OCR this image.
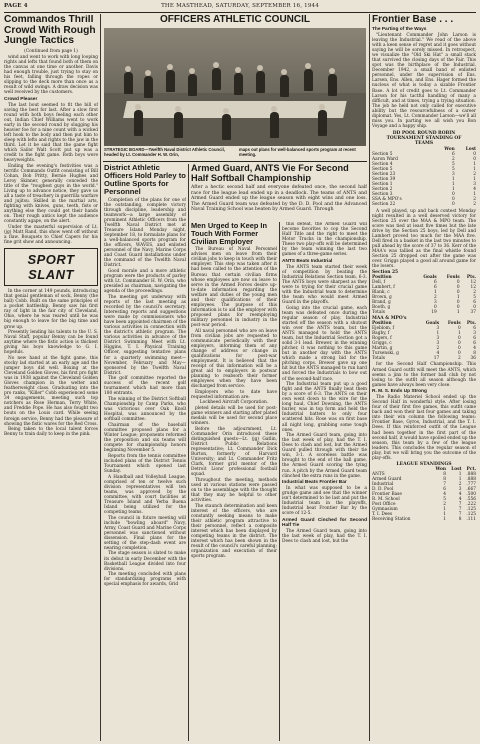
PAGE 4	THE MASTHEAD, SATURDAY, SEPTEMBER 16, 1944
Commandos Thrill Crowd With Rough Jungle Tactics

(Continued from page 1)

wind and went to work with long looping rights and lefts that found both of them on the canvas at one time or another. Davis had enough trouble, just trying to stay on his feet, falling through the ropes or slipping to the deck more than once as a result of wild swings. A draw decision was well received by the customers.

Crowd Pleaser

The last bout seemed to fit the bill of saving the best for last. After a slow first round with both boys feeling each other out, Indian Chief Williams went to work early in the second round by slugging his heavier foe for a nine count with a wicked left hook to the body and then put him to sleep with lefts and rights to the jaw in the third. Let it be said that the game fight which Sailor Walt Scott put up was a credit to the fight game. Both boys were heavyweights.

Ending the evening's festivities was a terrific Commando Outfit consisting of Bill Cohan, Bob Pritty, Bernie Hughes and Leroy Skinner, generally conceded the title of the "roughest guys in the world." Living up to advance notice, they gave us all a taste of treachery in guerrilla warfare and jujitsu. Skilled in the martial arts, fighting with knives, guns, teeth, fists or anything else they could get their hands on. Their rough antics kept the audience constantly agape, on the alert.

Under the masterful supervision of Lt. (jg) Matt Rand, this show went off without a flaw. Bouquets to Chief Capers for his fine grit show and announcing.

SPORT SLANT

In the corner at 149 pounds, introducing that genial gentleman of sock, Benny (the ball) Cobb. Built on the same principles of a pocket battleship, Benny saw his first ray of light in the fair city of Cleveland, Ohio, where he was reared until he was big enough to leave for the big time and grow up.

Presently lending his talents to the U. S. Naval Staff, popular Benny can be found anytime where the fistic action is thickest giving his boys knowledge to G. I. hopefuls.

No new hand at the fight game, this stocky lad started at an early age and the jumper boys did well. Boxing at the Cleveland Golden Gloves, his first pro fight was in 1938 against the Cleveland Golden Gloves champion in the welter and featherweight class. Graduating into the pro ranks, "Killer" Cobb experienced some 34 engagements, meeting such top notchers as Rose Herman, Terry White, and Freddie Pope. He has also fought two bouts on the Louis card. While seeing foreign service, Benny had the pleasure of showing the fistic wares for the Red Cross.

Being taken to the local talent forces Benny to train daily to keep in the pink.

OFFICERS ATHLETIC COUNCIL
STRATEGIC BOARD—Twelfth Naval District Athletic Council, headed by Lt. Commander H. W. Orin,
maps out plans for well-balanced sports program at recent meeting.
District Athletic Officers Hold Parley to Outline Sports for Personnel

Completion of the plans for one of the outstanding, complete victory through discipline, leadership and teamwork—a large assembly of prominent Athletic Officers from the Twelfth Naval District met at Treasure Island Monday night, September 18, to formulate plans for a well-balanced sports program for the officers, WAVES, and enlisted personnel of the Navy, Marine Corps and Coast Guard installations under the command of the Twelfth Naval District.

Good morale and a more athletic program were the products of parley with Lt. Commander H. W. Orin, who presided as chairman, navigating the agenda of the proceedings.

The meeting got underway with reports of the last meeting as recorded by the council's secretary. Interesting reports and suggestions were made by commissioners who have been appointed chairmen of the various activities in connection with the district's athletic program. The various activities in advance of the District Swimming Meet with Lt. Higgins, T. I. Physical Training Officer, suggesting tentative plans for a quarterly swimming meet—November, February and May—sponsored by the Twelfth Naval District.

The golf committee reported the success of the recent golf tournament which had more than 180 entrants.

The winning of the District Softball Championship by Camp Parks, who was victorious over Oak Knoll Hospital, was announced by the softball committee.

Chairman of the baseball committee proposed plans for a Winter League; proponents reformed the proposition and six teams will compete for championship honors beginning November 5.

Reports from the tennis committee included plans of the District Tennis Tournament which opened last Sunday.

A Handball and Volleyball League, comprised of ten or twelve such division representatives will ten teams, was approved by the committee, with court facilities at Treasure Island and Yerba Buena Island being utilized for the competing teams.

The council in future meeting will include "bowling aboard" Navy, Army, Coast Guard and Marine Corps personnel was sanctioned without dissension. Final plans for the setting of the step-dash event are nearing completion.

The stage season is slated to make its debut in early December with the Basketball League divided into four divisions.

The meeting concluded with plans for standardizing programs with special emphasis for awards, Grid

Armed Guard, ANTS Vie For Second Half Softball Championship
After a hectic second half and everyone defeated once, the second half race for the league lead ended up in a deadlock. The teams of ANTS and Armed Guard ended up the league season with eight wins and one loss. The Armed Guard team was defeated by the D. D. Pool and the Advanced Naval Training School was beaten by Armed Guard. Through
Men Urged to Keep In Touch With Former Civilian Employer

The Bureau of Naval Personnel advises men on leave from their civilian jobs to keep in touch with their employer. This step was taken after it had been called to the attention of the Bureau that certain civilian firms whose employees are now on leave to serve in the Armed Forces desire up-to-date information regarding the welfare and duties of the young men and their qualifications of their employees. The purpose of this information is to aid the employer with proposed plans for reemploying military personnel in industry in the post-war period.

All naval personnel who are on leave from civilian jobs are requested to communicate periodically with their employers, informing them of any change of address or change in qualifications for post-war employment. It is believed that the receipt of this information will be a great aid to employers in postwar planning to reabsorb their former employees when they have been discharged from service.

Employers who to date have requested information are:

Lockheed Aircraft Corporation.

pleted details will be used for post-game winners and starting after plated medals will be used for second place winners.

Before the adjournment, Lt. Commander Orin introduced these distinguished guests—Lt. (jg) Gatlin, District Public Relations representative; Lt. Commander Dick Burton, formerly of Harvard University; and Lt. Commander Fritz Clark, former grid mentor of the Detroit Lions' professional football squad.

Throughout the meeting, methods used at various stations were passed on to the assemblage with the thought that they may be helpful to other activities.

The staunch determination and keen interest of the officers, who are constantly seeking means to make their athletic program attractive to their personnel, reflect a composite interest which has been displayed by competing teams in the district. The interest which has been shown in the result of the council's careful planning; organization and execution of their sports program.

this defeat, the Armed Guard will become favorites to cop the Second Half Title and the right to meet the Motor Trucks in the championship. These two play-offs will be determined by the team winning the last two games of a three-game series.

ANTS Beats Industrial

The ANTS team started their week of competition by beating the Industrial Relations Section team, 6-3. The ANTS boys were sharpest as they were to trying for their crucial game with the Industrial team to determine the team who would meet Armed Guard in the playoffs.

Going into the crucial game, each team was defeated once during the regular season of play. Industrial started off the season with a shutout win over the ANTS team, but the ANTS managed to hold the ANTS team, but the Industrial Section got a solid 3-1 lead. Brewer, in the winning pitcher, it was nothing to this game but in another day with the ANTS which made a strong bid for the pitching corps. Brewer gave up one hit but the ANTS managed to run hard and forced the Industrials to bow out of the second-half race.

The Industrial team put up a good fight and the ANTS finally beat them by a score of 6-3. The ANTS on their own went down to the wire for the long haul, Chief Downing, the ANTS hurler, was in top form and held the Industrial batters to only four scattered hits. Rose was on first base all night long, grabbing some tough ones.

The Armed Guard team, going into the last week of play, had the T. I. Dees to clash and lost, but the Armed Guard pulled through with their tie win, 3-1. A scoreless battle was brought to the end of the ball game, the Armed Guard scoring the tying run. A pitch by the Armed Guard team clinched the extra runs in the game.

Industrial Beats Frontier Bar

In what was supposed to be a grudge game and see that the winner isn't determined to be last and put the Industrial team in the playoffs, Industrial beat Frontier Bar by the score of 12-5.

Armed Guard Cinched for Second Half Tie

The Armed Guard team, going into the last week of play, had the T. I. Dees to clash and lost, but the

Frontier Base . . .
The Parting of the Ways

"Lieutenant Commander John Larson is leaving the Industrial." We read of the above with a keen sense of regret and it goes without saying he will be sorely missed. In retrospect, we visualize the "Old Ski Hat" a small stack that survived the closing days of the Fair. This spot was the birthplace of the Industrial. December 1942, a small band of enlisted personnel, under the supervision of Ens. Larsen, Ens. Allen, and Ens. Hager formed the nucleus of what is today a sizable Frontier Base. A lot of credit goes to Lt. Commander Larson for his tactful handling of many a difficult, and at times, trying a trying situation. The job he held not only called for executive ability but the resourcefulness of a career diplomat. Yes, Lt. Commander Larson—we'll all miss you. In parting we all wish you Bon Voyage and a happy ship.

DD POOL ROUND ROBIN TOURNAMENT STANDING OF TEAMS
	Won	Lost
Section 5	6	0
Aaron Ward	2	0
Section 4	5	1
Section 5	5	1
Section 23	3	2
Section 39	1	1
Section 1	1	3
Section 2	1	4
Section 3	0	1
SSA & MPO's	0	2
Section 22	0	2

A well played, up and back contest Monday night resulted in a well deserved victory for Section 25 over the MAA & MPO team. The score was tied at least five times but the late drive by the Section 25 boys, led by Dell and Lambert proved too much for the MAA five. Dell fired in a basket in the last two minutes to pull ahead by the score of 37 to 36. Kerr of the MAA's was tallied as the final whistle found Section 25 dropped out after the game was over. Griggs played a good all around game for the losers.

Section 25
Position	Goals	Fouls	Pts.
Dell, f	6	0	12
Lambert, f	6	0	12
Blank, c	1	0	2
Brown, g	2	1	5
Brand, g	3	0	6
Booth, g	0	0	0
Totals	19	1	37
MAA & MPO's
Position	Goals	Fouls	Pts.
Ejeblom, f	3	0	6
Bagby, f	1	1	3
Rogers, f	3	0	6
Griggs, c	3	0	6
Martin, g	2	0	4
Tursenski, g	4	0	8
Totals	17	2	36

for the Second Half Championship. This Armed Guard outfit will meet the ANTS, which seems a jinx to the former ball club by not losing to the outfit all season although the games have always been very close.

R. M. S. Ends Up Strong

The Radio Materiel School ended up the Second Half in wonderful style. After losing four of their first five games, this outfit came back and won their last four games and taking into their win column the following teams: Frontier Base, Gyros, Industrial, and the T. I. Dees. If this reinforced outfit of the League had been together in the first part of the second half, it would have spoiled ended up the season, this team by a few of the league leaders. This concludes the regular season of play, but we will bring you the outcome of the play-offs.

LEAGUE STANDINGS
	Won	Lost	Pct.
ANTS	8	1	.888
Armed Guard	8	1	.888
Industrial	7	2	.777
D. D. Pool	6	3	.667
Frontier Base	4	4	.500
R. M. School	5	4	.556
Post Office	2	7	.222
Gymnasium	1	7	.125
T. I. Dees	1	7	.125
Receiving Station	1	8	.111
